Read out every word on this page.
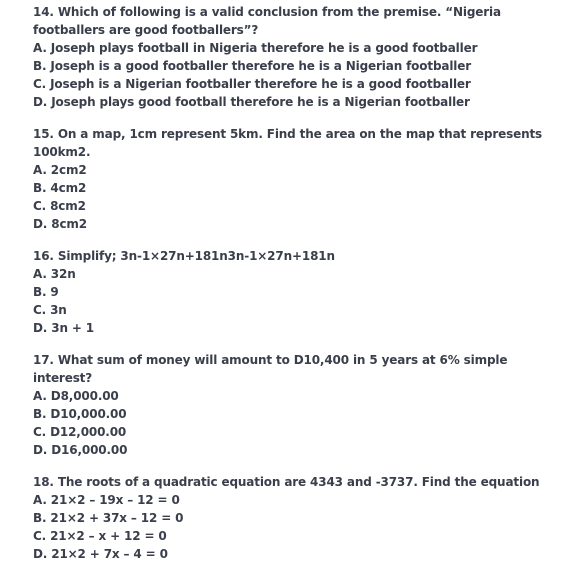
14. Which of following is a valid conclusion from the premise. “Nigeria footballers are good footballers”?

A. Joseph plays football in Nigeria therefore he is a good footballer

B. Joseph is a good footballer therefore he is a Nigerian footballer

C. Joseph is a Nigerian footballer therefore he is a good footballer

D. Joseph plays good football therefore he is a Nigerian footballer

15. On a map, 1cm represent 5km. Find the area on the map that represents 100km2.

A. 2cm2

B. 4cm2

C. 8cm2

D. 8cm2

16. Simplify; 3n-1×27n+181n3n-1×27n+181n

A. 32n

B. 9

C. 3n

D. 3n + 1

17. What sum of money will amount to D10,400 in 5 years at 6% simple interest?

A. D8,000.00

B. D10,000.00

C. D12,000.00

D. D16,000.00

18. The roots of a quadratic equation are 4343 and -3737. Find the equation

A. 21×2 – 19x – 12 = 0

B. 21×2 + 37x – 12 = 0

C. 21×2 – x + 12 = 0

D. 21×2 + 7x – 4 = 0
